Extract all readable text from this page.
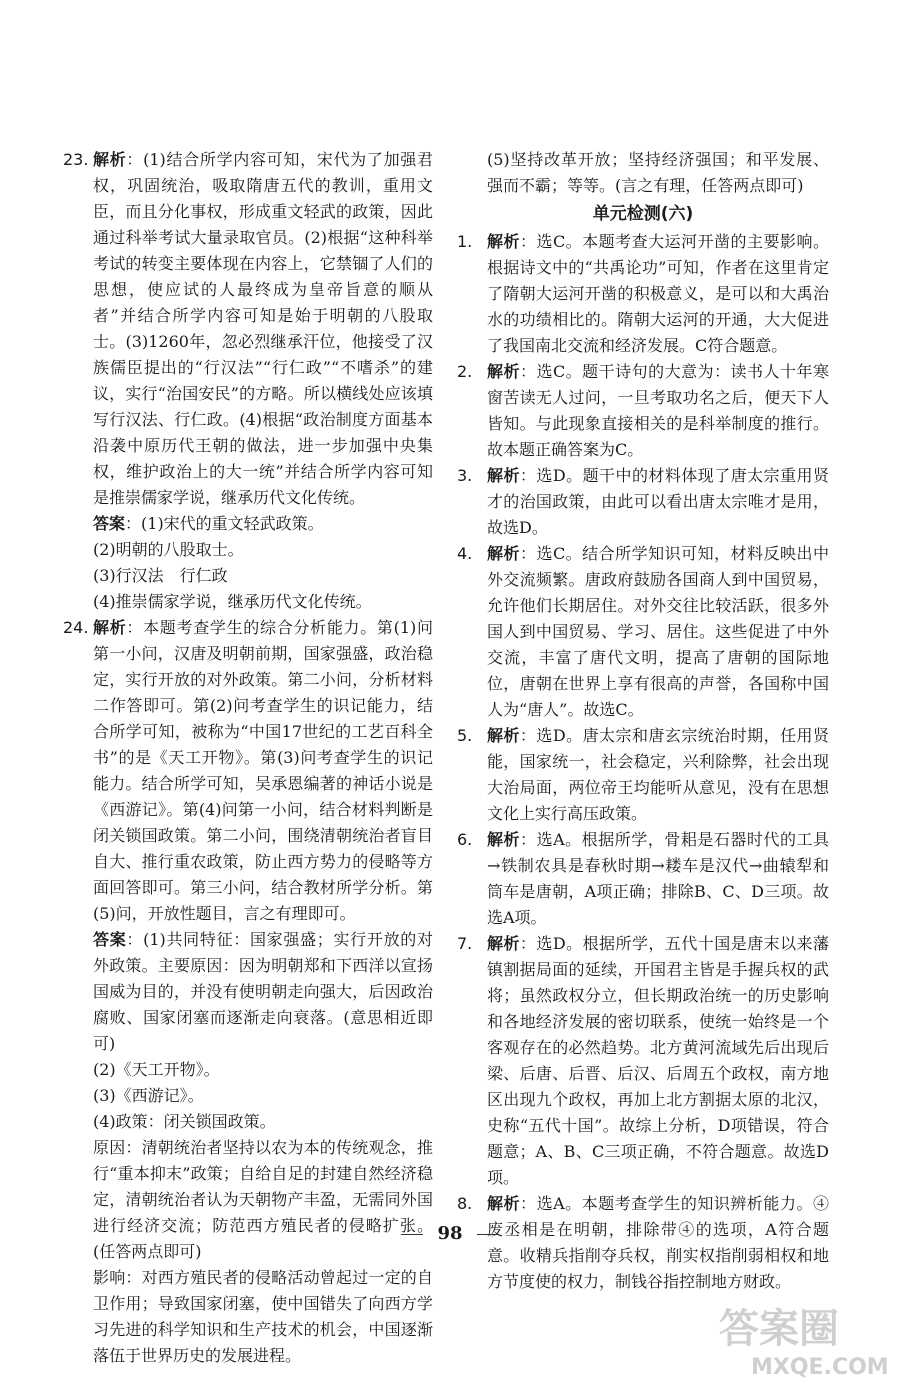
23. 解析：(1)结合所学内容可知，宋代为了加强君权，巩固统治，吸取隋唐五代的教训，重用文臣，而且分化事权，形成重文轻武的政策，因此通过科举考试大量录取官员。(2)根据“这种科举考试的转变主要体现在内容上，它禁锢了人们的思想，使应试的人最终成为皇帝旨意的顺从者”并结合所学内容可知是始于明朝的八股取士。(3)1260年，忽必烈继承汗位，他接受了汉族儒臣提出的“行汉法”“行仁政”“不嗜杀”的建议，实行“治国安民”的方略。所以横线处应该填写行汉法、行仁政。(4)根据“政治制度方面基本沿袭中原历代王朝的做法，进一步加强中央集权，维护政治上的大一统”并结合所学内容可知是推崇儒家学说，继承历代文化传统。
答案：(1)宋代的重文轻武政策。
(2)明朝的八股取士。
(3)行汉法　行仁政
(4)推崇儒家学说，继承历代文化传统。
24. 解析：本题考查学生的综合分析能力。第(1)问第一小问，汉唐及明朝前期，国家强盛，政治稳定，实行开放的对外政策。第二小问，分析材料二作答即可。第(2)问考查学生的识记能力，结合所学可知，被称为“中国17世纪的工艺百科全书”的是《天工开物》。第(3)问考查学生的识记能力。结合所学可知，吴承恩编著的神话小说是《西游记》。第(4)问第一小问，结合材料判断是闭关锁国政策。第二小问，围绕清朝统治者盲目自大、推行重农政策，防止西方势力的侵略等方面回答即可。第三小问，结合教材所学分析。第(5)问，开放性题目，言之有理即可。
答案：(1)共同特征：国家强盛；实行开放的对外政策。主要原因：因为明朝郑和下西洋以宣扬国威为目的，并没有使明朝走向强大，后因政治腐败、国家闭塞而逐渐走向衰落。(意思相近即可)
(2)《天工开物》。
(3)《西游记》。
(4)政策：闭关锁国政策。
原因：清朝统治者坚持以农为本的传统观念，推行“重本抑末”政策；自给自足的封建自然经济稳定，清朝统治者认为天朝物产丰盈，无需同外国进行经济交流；防范西方殖民者的侵略扩张。(任答两点即可)
影响：对西方殖民者的侵略活动曾起过一定的自卫作用；导致国家闭塞，使中国错失了向西方学习先进的科学知识和生产技术的机会，中国逐渐落伍于世界历史的发展进程。
(5)坚持改革开放；坚持经济强国；和平发展、强而不霸；等等。(言之有理，任答两点即可)
单元检测(六)
1. 解析：选C。本题考查大运河开凿的主要影响。根据诗文中的“共禹论功”可知，作者在这里肯定了隋朝大运河开凿的积极意义，是可以和大禹治水的功绩相比的。隋朝大运河的开通，大大促进了我国南北交流和经济发展。C符合题意。
2. 解析：选C。题干诗句的大意为：读书人十年寒窗苦读无人过问，一旦考取功名之后，便天下人皆知。与此现象直接相关的是科举制度的推行。故本题正确答案为C。
3. 解析：选D。题干中的材料体现了唐太宗重用贤才的治国政策，由此可以看出唐太宗唯才是用，故选D。
4. 解析：选C。结合所学知识可知，材料反映出中外交流频繁。唐政府鼓励各国商人到中国贸易，允许他们长期居住。对外交往比较活跃，很多外国人到中国贸易、学习、居住。这些促进了中外交流，丰富了唐代文明，提高了唐朝的国际地位，唐朝在世界上享有很高的声誉，各国称中国人为“唐人”。故选C。
5. 解析：选D。唐太宗和唐玄宗统治时期，任用贤能，国家统一，社会稳定，兴利除弊，社会出现大治局面，两位帝王均能听从意见，没有在思想文化上实行高压政策。
6. 解析：选A。根据所学，骨耜是石器时代的工具→铁制农具是春秋时期→耧车是汉代→曲辕犁和筒车是唐朝，A项正确；排除B、C、D三项。故选A项。
7. 解析：选D。根据所学，五代十国是唐末以来藩镇割据局面的延续，开国君主皆是手握兵权的武将；虽然政权分立，但长期政治统一的历史影响和各地经济发展的密切联系，使统一始终是一个客观存在的必然趋势。北方黄河流域先后出现后梁、后唐、后晋、后汉、后周五个政权，南方地区出现九个政权，再加上北方割据太原的北汉，史称“五代十国”。故综上分析，D项错误，符合题意；A、B、C三项正确，不符合题意。故选D项。
8. 解析：选A。本题考查学生的知识辨析能力。④废丞相是在明朝，排除带④的选项，A符合题意。收精兵指削夺兵权，削实权指削弱相权和地方节度使的权力，制钱谷指控制地方财政。
98
答案圈
MXQE.COM
